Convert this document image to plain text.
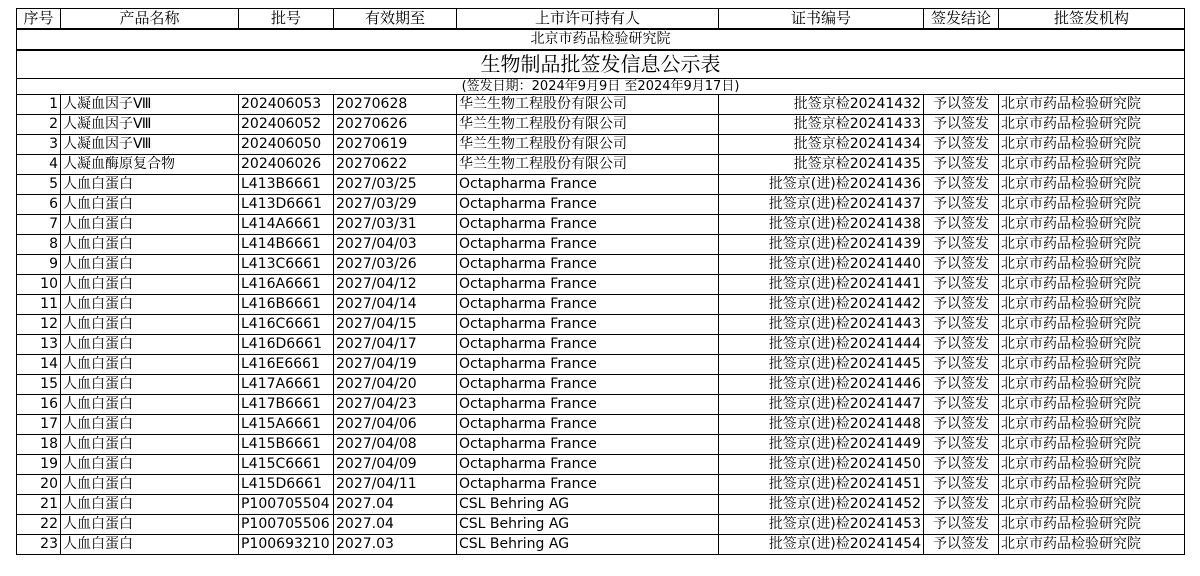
北京市药品检验研究院							
生物制品批签发信息公示表							
(签发日期：2024年9月9日 至2024年9月17日)							
序号	产品名称	批号	有效期至	上市许可持有人	证书编号	签发结论	批签发机构
1	人凝血因子Ⅷ	202406053	20270628	华兰生物工程股份有限公司	批签京检20241432	予以签发	北京市药品检验研究院
2	人凝血因子Ⅷ	202406052	20270626	华兰生物工程股份有限公司	批签京检20241433	予以签发	北京市药品检验研究院
3	人凝血因子Ⅷ	202406050	20270619	华兰生物工程股份有限公司	批签京检20241434	予以签发	北京市药品检验研究院
4	人凝血酶原复合物	202406026	20270622	华兰生物工程股份有限公司	批签京检20241435	予以签发	北京市药品检验研究院
5	人血白蛋白	L413B6661	2027/03/25	Octapharma France	批签京(进)检20241436	予以签发	北京市药品检验研究院
6	人血白蛋白	L413D6661	2027/03/29	Octapharma France	批签京(进)检20241437	予以签发	北京市药品检验研究院
7	人血白蛋白	L414A6661	2027/03/31	Octapharma France	批签京(进)检20241438	予以签发	北京市药品检验研究院
8	人血白蛋白	L414B6661	2027/04/03	Octapharma France	批签京(进)检20241439	予以签发	北京市药品检验研究院
9	人血白蛋白	L413C6661	2027/03/26	Octapharma France	批签京(进)检20241440	予以签发	北京市药品检验研究院
10	人血白蛋白	L416A6661	2027/04/12	Octapharma France	批签京(进)检20241441	予以签发	北京市药品检验研究院
11	人血白蛋白	L416B6661	2027/04/14	Octapharma France	批签京(进)检20241442	予以签发	北京市药品检验研究院
12	人血白蛋白	L416C6661	2027/04/15	Octapharma France	批签京(进)检20241443	予以签发	北京市药品检验研究院
13	人血白蛋白	L416D6661	2027/04/17	Octapharma France	批签京(进)检20241444	予以签发	北京市药品检验研究院
14	人血白蛋白	L416E6661	2027/04/19	Octapharma France	批签京(进)检20241445	予以签发	北京市药品检验研究院
15	人血白蛋白	L417A6661	2027/04/20	Octapharma France	批签京(进)检20241446	予以签发	北京市药品检验研究院
16	人血白蛋白	L417B6661	2027/04/23	Octapharma France	批签京(进)检20241447	予以签发	北京市药品检验研究院
17	人血白蛋白	L415A6661	2027/04/06	Octapharma France	批签京(进)检20241448	予以签发	北京市药品检验研究院
18	人血白蛋白	L415B6661	2027/04/08	Octapharma France	批签京(进)检20241449	予以签发	北京市药品检验研究院
19	人血白蛋白	L415C6661	2027/04/09	Octapharma France	批签京(进)检20241450	予以签发	北京市药品检验研究院
20	人血白蛋白	L415D6661	2027/04/11	Octapharma France	批签京(进)检20241451	予以签发	北京市药品检验研究院
21	人血白蛋白	P100705504	2027.04	CSL Behring AG	批签京(进)检20241452	予以签发	北京市药品检验研究院
22	人血白蛋白	P100705506	2027.04	CSL Behring AG	批签京(进)检20241453	予以签发	北京市药品检验研究院
23	人血白蛋白	P100693210	2027.03	CSL Behring AG	批签京(进)检20241454	予以签发	北京市药品检验研究院
